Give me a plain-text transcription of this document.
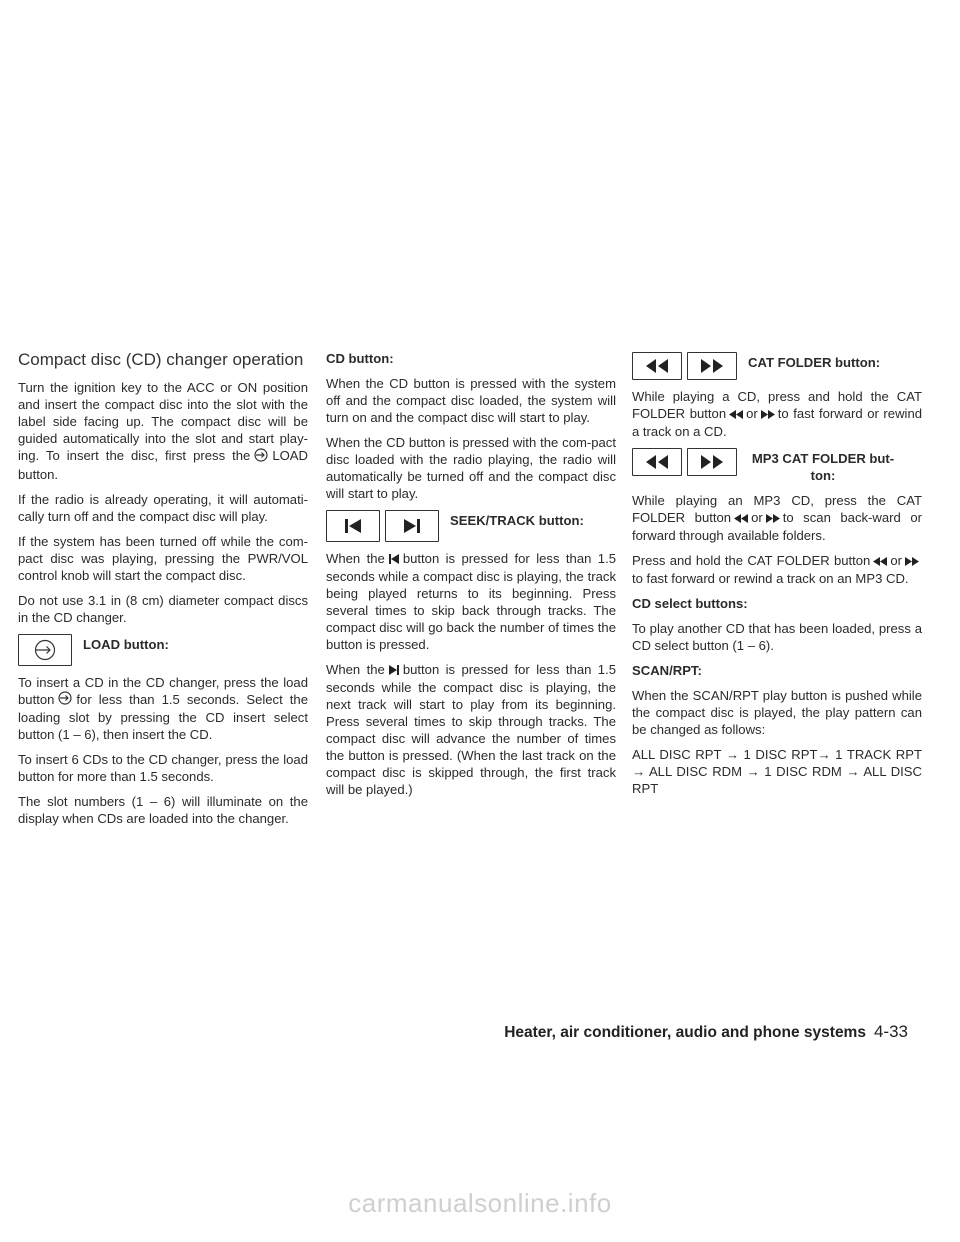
Compact disc (CD) changer operation

Turn the ignition key to the ACC or ON position and insert the compact disc into the slot with the label side facing up. The compact disc will be guided automatically into the slot and start play-ing. To insert the disc, first press the LOAD button.

If the radio is already operating, it will automati-cally turn off and the compact disc will play.

If the system has been turned off while the com-pact disc was playing, pressing the PWR/VOL control knob will start the compact disc.

Do not use 3.1 in (8 cm) diameter compact discs in the CD changer.

LOAD button:

To insert a CD in the CD changer, press the load button for less than 1.5 seconds. Select the loading slot by pressing the CD insert select button (1 – 6), then insert the CD.

To insert 6 CDs to the CD changer, press the load button for more than 1.5 seconds.

The slot numbers (1 – 6) will illuminate on the display when CDs are loaded into the changer.

CD button:

When the CD button is pressed with the system off and the compact disc loaded, the system will turn on and the compact disc will start to play.

When the CD button is pressed with the com-pact disc loaded with the radio playing, the radio will automatically be turned off and the compact disc will start to play.

SEEK/TRACK button:

When the button is pressed for less than 1.5 seconds while a compact disc is playing, the track being played returns to its beginning. Press several times to skip back through tracks. The compact disc will go back the number of times the button is pressed.

When the button is pressed for less than 1.5 seconds while the compact disc is playing, the next track will start to play from its beginning. Press several times to skip through tracks. The compact disc will advance the number of times the button is pressed. (When the last track on the compact disc is skipped through, the first track will be played.)

CAT FOLDER button:

While playing a CD, press and hold the CAT FOLDER button or to fast forward or rewind a track on a CD.

MP3 CAT FOLDER but-ton:

While playing an MP3 CD, press the CAT FOLDER button or to scan back-ward or forward through available folders.

Press and hold the CAT FOLDER button orto fast forward or rewind a track on an MP3 CD.

CD select buttons:

To play another CD that has been loaded, press a CD select button (1 – 6).

SCAN/RPT:

When the SCAN/RPT play button is pushed while the compact disc is played, the play pattern can be changed as follows:

ALL DISC RPT → 1 DISC RPT→ 1 TRACK RPT → ALL DISC RDM → 1 DISC RDM → ALL DISC RPT

Heater, air conditioner, audio and phone systems 4-33
carmanualsonline.info
